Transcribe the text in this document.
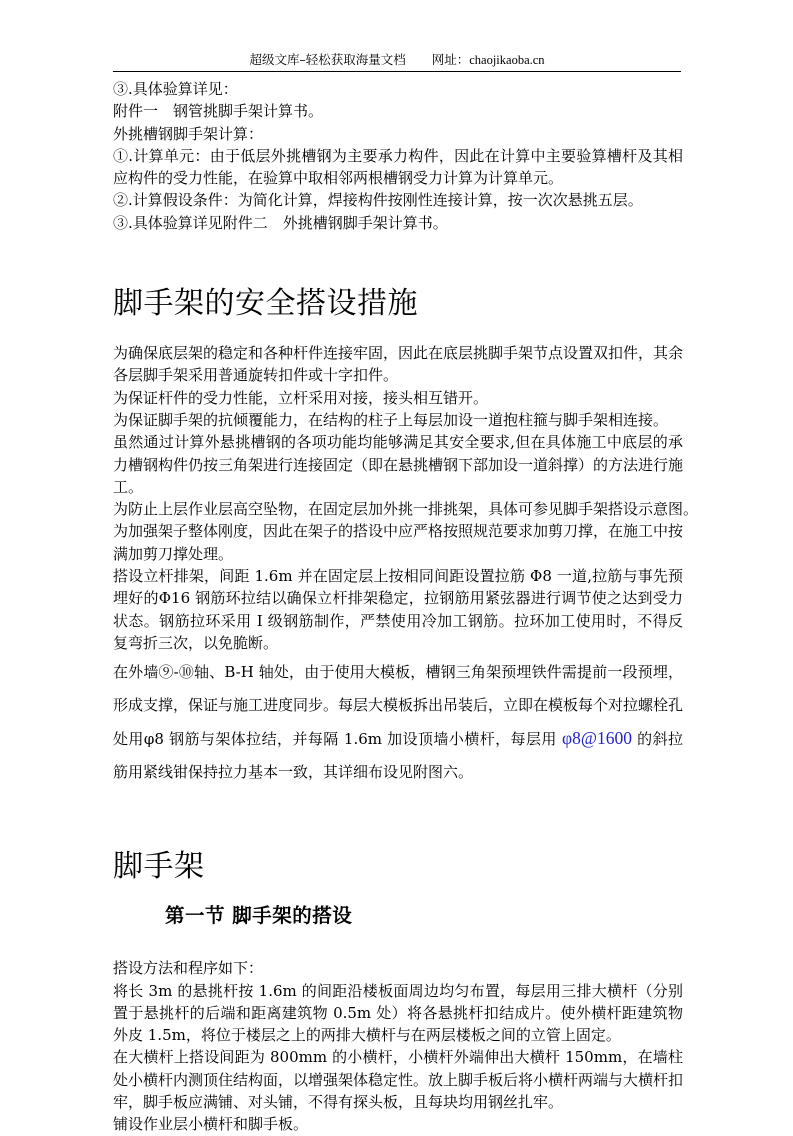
超级文库–轻松获取海量文档 网址：chaojikaoba.cn

③.具体验算详见：

附件一　钢管挑脚手架计算书。

外挑槽钢脚手架计算：

①.计算单元：由于低层外挑槽钢为主要承力构件，因此在计算中主要验算槽杆及其相应构件的受力性能，在验算中取相邻两根槽钢受力计算为计算单元。

②.计算假设条件：为简化计算，焊接构件按刚性连接计算，按一次次悬挑五层。

③.具体验算详见附件二　外挑槽钢脚手架计算书。

脚手架的安全搭设措施

为确保底层架的稳定和各种杆件连接牢固，因此在底层挑脚手架节点设置双扣件，其余各层脚手架采用普通旋转扣件或十字扣件。

为保证杆件的受力性能，立杆采用对接，接头相互错开。

为保证脚手架的抗倾覆能力，在结构的柱子上每层加设一道抱柱箍与脚手架相连接。

虽然通过计算外悬挑槽钢的各项功能均能够满足其安全要求,但在具体施工中底层的承力槽钢构件仍按三角架进行连接固定（即在悬挑槽钢下部加设一道斜撑）的方法进行施工。

为防止上层作业层高空坠物，在固定层加外挑一排挑架，具体可参见脚手架搭设示意图。

为加强架子整体刚度，因此在架子的搭设中应严格按照规范要求加剪刀撑，在施工中按满加剪刀撑处理。

搭设立杆排架，间距 1.6m 并在固定层上按相同间距设置拉筋 Φ8 一道,拉筋与事先预埋好的Φ16 钢筋环拉结以确保立杆排架稳定，拉钢筋用紧弦器进行调节使之达到受力状态。钢筋拉环采用 I 级钢筋制作，严禁使用冷加工钢筋。拉环加工使用时，不得反复弯折三次，以免脆断。

在外墙⑨-⑩轴、B-H 轴处，由于使用大模板，槽钢三角架预埋铁件需提前一段预埋，形成支撑，保证与施工进度同步。每层大模板拆出吊装后，立即在模板每个对拉螺栓孔处用φ8 钢筋与架体拉结，并每隔 1.6m 加设顶墙小横杆，每层用 φ8@1600 的斜拉筋用紧线钳保持拉力基本一致，其详细布设见附图六。

脚手架
第一节 脚手架的搭设

搭设方法和程序如下：

将长 3m 的悬挑杆按 1.6m 的间距沿楼板面周边均匀布置，每层用三排大横杆（分别置于悬挑杆的后端和距离建筑物 0.5m 处）将各悬挑杆扣结成片。使外横杆距建筑物外皮 1.5m，将位于楼层之上的两排大横杆与在两层楼板之间的立管上固定。

在大横杆上搭设间距为 800mm 的小横杆，小横杆外端伸出大横杆 150mm，在墙柱处小横杆内测顶住结构面，以增强架体稳定性。放上脚手板后将小横杆两端与大横杆扣牢，脚手板应满铺、对头铺，不得有探头板，且每块均用钢丝扎牢。

铺设作业层小横杆和脚手板。
